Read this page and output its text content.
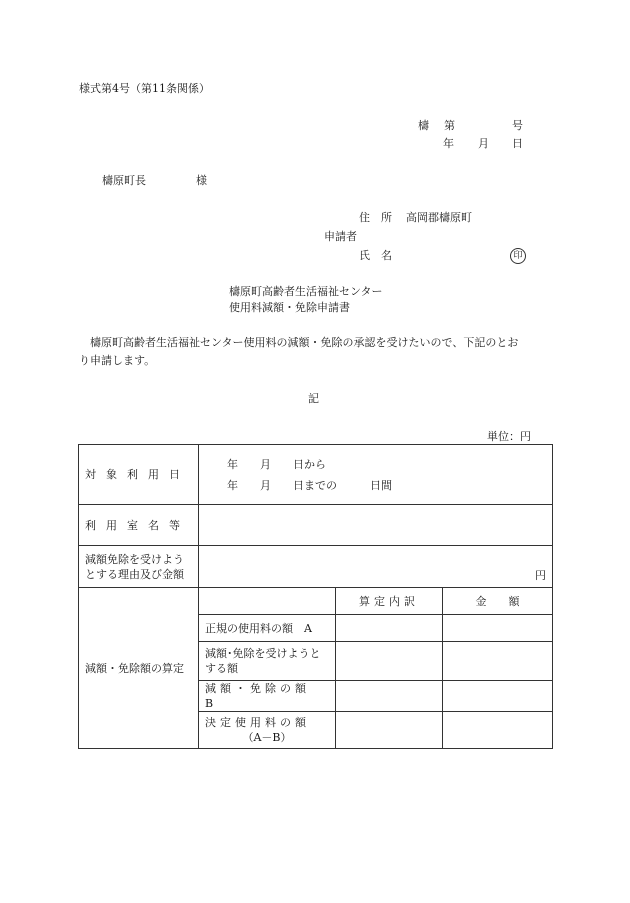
様式第4号（第11条関係）
檮　第	号
年 月 日
檮原町長	様
住　所 高岡郡檮原町
申請者
氏　名	印
檮原町高齢者生活福祉センター
使用料減額・免除申請書
　檮原町高齢者生活福祉センター使用料の減額・免除の承認を受けたいので、下記のとお
り申請します。
記
単位：円
対象利用日	年　　月　　日から
年　　月　　日までの　　　日間		

利用室名等			

減額免除を受けよう
とする理由及び金額	円		
減額・免除額の算定		算定内訳	金　　額
	正規の使用料の額　A		

	減額･免除を受けようと
する額		

	減額・免除の額 B		

	決定使用料の額
（A－B）		
